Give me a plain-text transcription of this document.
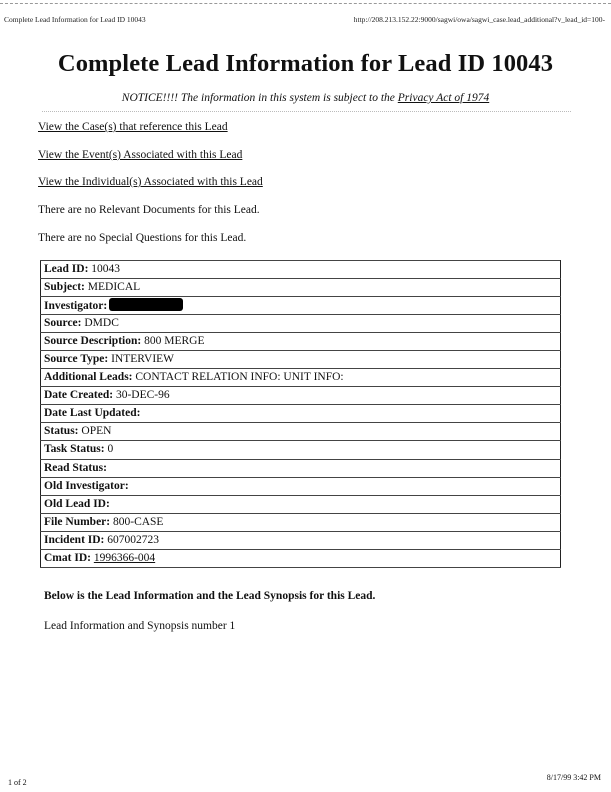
Complete Lead Information for Lead ID 10043	http://208.213.152.22:9000/sagwi/owa/sagwi_case.lead_additional?v_lead_id=100-
Complete Lead Information for Lead ID 10043
NOTICE!!!! The information in this system is subject to the Privacy Act of 1974
View the Case(s) that reference this Lead
View the Event(s) Associated with this Lead
View the Individual(s) Associated with this Lead
There are no Relevant Documents for this Lead.
There are no Special Questions for this Lead.
Lead ID: 10043
Subject: MEDICAL
Investigator:
Source: DMDC
Source Description: 800 MERGE
Source Type: INTERVIEW
Additional Leads: CONTACT RELATION INFO: UNIT INFO:
Date Created: 30-DEC-96
Date Last Updated:
Status: OPEN
Task Status: 0
Read Status:
Old Investigator:
Old Lead ID:
File Number: 800-CASE
Incident ID: 607002723
Cmat ID: 1996366-004
Below is the Lead Information and the Lead Synopsis for this Lead.
Lead Information and Synopsis number 1
1 of 2
8/17/99 3:42 PM
